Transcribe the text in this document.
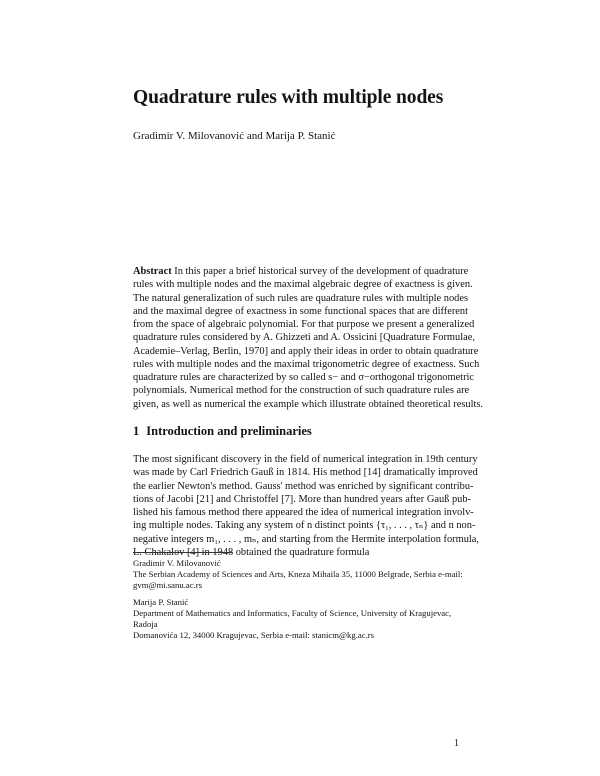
Quadrature rules with multiple nodes
Gradimir V. Milovanović and Marija P. Stanić
Abstract In this paper a brief historical survey of the development of quadrature
rules with multiple nodes and the maximal algebraic degree of exactness is given.
The natural generalization of such rules are quadrature rules with multiple nodes
and the maximal degree of exactness in some functional spaces that are different
from the space of algebraic polynomial. For that purpose we present a generalized
quadrature rules considered by A. Ghizzeti and A. Ossicini [Quadrature Formulae,
Academie–Verlag, Berlin, 1970] and apply their ideas in order to obtain quadrature
rules with multiple nodes and the maximal trigonometric degree of exactness. Such
quadrature rules are characterized by so called s− and σ−orthogonal trigonometric
polynomials. Numerical method for the construction of such quadrature rules are
given, as well as numerical the example which illustrate obtained theoretical results.
1 Introduction and preliminaries
The most significant discovery in the field of numerical integration in 19th century
was made by Carl Friedrich Gauß in 1814. His method [14] dramatically improved
the earlier Newton's method. Gauss' method was enriched by significant contribu-
tions of Jacobi [21] and Christoffel [7]. More than hundred years after Gauß pub-
lished his famous method there appeared the idea of numerical integration involv-
ing multiple nodes. Taking any system of n distinct points {τ₁, . . . , τₙ} and n non-
negative integers m₁, . . . , mₙ, and starting from the Hermite interpolation formula,
L. Chakalov [4] in 1948 obtained the quadrature formula
Gradimir V. Milovanović
The Serbian Academy of Sciences and Arts, Kneza Mihaila 35, 11000 Belgrade, Serbia e-mail:
gvm@mi.sanu.ac.rs
Marija P. Stanić
Department of Mathematics and Informatics, Faculty of Science, University of Kragujevac, Radoja
Domanovića 12, 34000 Kragujevac, Serbia e-mail: stanicm@kg.ac.rs
1
